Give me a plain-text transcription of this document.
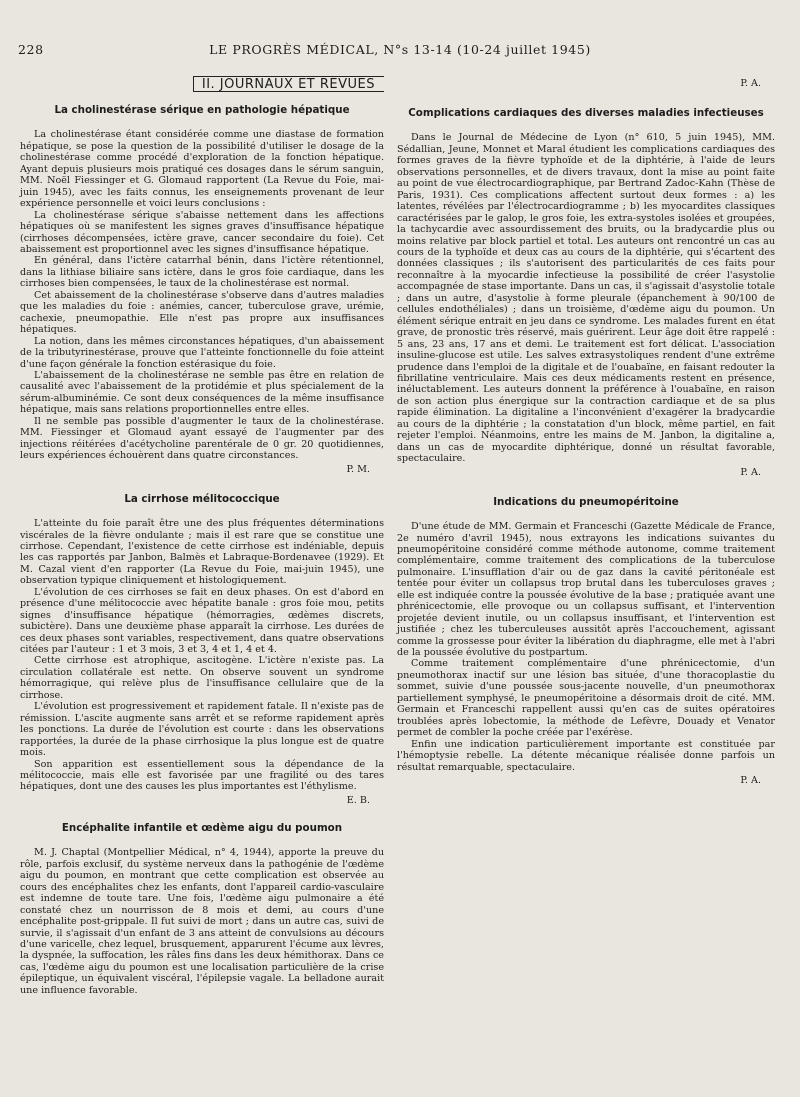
228	LE PROGRÈS MÉDICAL, N°s 13-14 (10-24 juillet 1945)
II. JOURNAUX ET REVUES
La cholinestérase sérique en pathologie hépatique

La cholinestérase étant considérée comme une diastase de formation hépatique, se pose la question de la possibilité d'utiliser le dosage de la cholinestérase comme procédé d'exploration de la fonction hépatique. Ayant depuis plusieurs mois pratiqué ces dosages dans le sérum sanguin, MM. Noël Fiessinger et G. Glomaud rapportent (La Revue du Foie, mai-juin 1945), avec les faits connus, les enseignements provenant de leur expérience personnelle et voici leurs conclusions :

La cholinestérase sérique s'abaisse nettement dans les affections hépatiques où se manifestent les signes graves d'insuffisance hépatique (cirrhoses décompensées, ictère grave, cancer secondaire du foie). Cet abaissement est proportionnel avec les signes d'insuffisance hépatique.

En général, dans l'ictère catarrhal bénin, dans l'ictère rétentionnel, dans la lithiase biliaire sans ictère, dans le gros foie cardiaque, dans les cirrhoses bien compensées, le taux de la cholinestérase est normal.

Cet abaissement de la cholinestérase s'observe dans d'autres maladies que les maladies du foie : anémies, cancer, tuberculose grave, urémie, cachexie, pneumopathie. Elle n'est pas propre aux insuffisances hépatiques.

La notion, dans les mêmes circonstances hépatiques, d'un abaissement de la tributyrinestérase, prouve que l'atteinte fonctionnelle du foie atteint d'une façon générale la fonction estérasique du foie.

L'abaissement de la cholinestérase ne semble pas être en relation de causalité avec l'abaissement de la protidémie et plus spécialement de la sérum-albuminémie. Ce sont deux conséquences de la même insuffisance hépatique, mais sans relations proportionnelles entre elles.

Il ne semble pas possible d'augmenter le taux de la cholinestérase. MM. Fiessinger et Glomaud ayant essayé de l'augmenter par des injections réitérées d'acétycholine parentérale de 0 gr. 20 quotidiennes, leurs expériences échouèrent dans quatre circonstances.

P. M.

La cirrhose mélitococcique

L'atteinte du foie paraît être une des plus fréquentes déterminations viscérales de la fièvre ondulante ; mais il est rare que se constitue une cirrhose. Cependant, l'existence de cette cirrhose est indéniable, depuis les cas rapportés par Janbon, Balmès et Labraque-Bordenavee (1929). Et M. Cazal vient d'en rapporter (La Revue du Foie, mai-juin 1945), une observation typique cliniquement et histologiquement.

L'évolution de ces cirrhoses se fait en deux phases. On est d'abord en présence d'une mélitococcie avec hépatite banale : gros foie mou, petits signes d'insuffisance hépatique (hémorragies, œdèmes discrets, subictère). Dans une deuxième phase apparaît la cirrhose. Les durées de ces deux phases sont variables, respectivement, dans quatre observations citées par l'auteur : 1 et 3 mois, 3 et 3, 4 et 1, 4 et 4.

Cette cirrhose est atrophique, ascitogène. L'ictère n'existe pas. La circulation collatérale est nette. On observe souvent un syndrome hémorragique, qui relève plus de l'insuffisance cellulaire que de la cirrhose.

L'évolution est progressivement et rapidement fatale. Il n'existe pas de rémission. L'ascite augmente sans arrêt et se reforme rapidement après les ponctions. La durée de l'évolution est courte : dans les observations rapportées, la durée de la phase cirrhosique la plus longue est de quatre mois.

Son apparition est essentiellement sous la dépendance de la mélitococcie, mais elle est favorisée par une fragilité ou des tares hépatiques, dont une des causes les plus importantes est l'éthylisme.

E. B.

Encéphalite infantile et œdème aigu du poumon

M. J. Chaptal (Montpellier Médical, n° 4, 1944), apporte la preuve du rôle, parfois exclusif, du système nerveux dans la pathogénie de l'œdème aigu du poumon, en montrant que cette complication est observée au cours des encéphalites chez les enfants, dont l'appareil cardio-vasculaire est indemne de toute tare. Une fois, l'œdème aigu pulmonaire a été constaté chez un nourrisson de 8 mois et demi, au cours d'une encéphalite post-grippale. Il fut suivi de mort ; dans un autre cas, suivi de survie, il s'agissait d'un enfant de 3 ans atteint de convulsions au décours d'une varicelle, chez lequel, brusquement, apparurent l'écume aux lèvres, la dyspnée, la suffocation, les râles fins dans les deux hémithorax. Dans ce cas, l'œdème aigu du poumon est une localisation particulière de la crise épileptique, un équivalent viscéral, l'épilepsie vagale. La belladone aurait une influence favorable.

P. A.

Complications cardiaques des diverses maladies infectieuses

Dans le Journal de Médecine de Lyon (n° 610, 5 juin 1945), MM. Sédallian, Jeune, Monnet et Maral étudient les complications cardiaques des formes graves de la fièvre typhoïde et de la diphtérie, à l'aide de leurs observations personnelles, et de divers travaux, dont la mise au point faite au point de vue électrocardiographique, par Bertrand Zadoc-Kahn (Thèse de Paris, 1931). Ces complications affectent surtout deux formes : a) les latentes, révélées par l'électrocardiogramme ; b) les myocardites classiques caractérisées par le galop, le gros foie, les extra-systoles isolées et groupées, la tachycardie avec assourdissement des bruits, ou la bradycardie plus ou moins relative par block partiel et total. Les auteurs ont rencontré un cas au cours de la typhoïde et deux cas au cours de la diphtérie, qui s'écartent des données classiques ; ils s'autorisent des particularités de ces faits pour reconnaître à la myocardie infectieuse la possibilité de créer l'asystolie accompagnée de stase importante. Dans un cas, il s'agissait d'asystolie totale ; dans un autre, d'asystolie à forme pleurale (épanchement à 90/100 de cellules endothéliales) ; dans un troisième, d'œdème aigu du poumon. Un élément sérique entrait en jeu dans ce syndrome. Les malades furent en état grave, de pronostic très réservé, mais guérirent. Leur âge doit être rappelé : 5 ans, 23 ans, 17 ans et demi. Le traitement est fort délicat. L'association insuline-glucose est utile. Les salves extrasystoliques rendent d'une extrême prudence dans l'emploi de la digitale et de l'ouabaïne, en faisant redouter la fibrillatine ventriculaire. Mais ces deux médicaments restent en présence, inéluctablement. Les auteurs donnent la préférence à l'ouabaïne, en raison de son action plus énergique sur la contraction cardiaque et de sa plus rapide élimination. La digitaline a l'inconvénient d'exagérer la bradycardie au cours de la diphtérie ; la constatation d'un block, même partiel, en fait rejeter l'emploi. Néanmoins, entre les mains de M. Janbon, la digitaline a, dans un cas de myocardite diphtérique, donné un résultat favorable, spectaculaire.

P. A.

Indications du pneumopéritoine

D'une étude de MM. Germain et Franceschi (Gazette Médicale de France, 2e numéro d'avril 1945), nous extrayons les indications suivantes du pneumopéritoine considéré comme méthode autonome, comme traitement complémentaire, comme traitement des complications de la tuberculose pulmonaire. L'insufflation d'air ou de gaz dans la cavité péritonéale est tentée pour éviter un collapsus trop brutal dans les tuberculoses graves ; elle est indiquée contre la poussée évolutive de la base ; pratiquée avant une phrénicectomie, elle provoque ou un collapsus suffisant, et l'intervention projetée devient inutile, ou un collapsus insuffisant, et l'intervention est justifiée ; chez les tuberculeuses aussitôt après l'accouchement, agissant comme la grossesse pour éviter la libération du diaphragme, elle met à l'abri de la poussée évolutive du postpartum.

Comme traitement complémentaire d'une phrénicectomie, d'un pneumothorax inactif sur une lésion bas située, d'une thoracoplastie du sommet, suivie d'une poussée sous-jacente nouvelle, d'un pneumothorax partiellement symphysé, le pneumopéritoine a désormais droit de cité. MM. Germain et Franceschi rappellent aussi qu'en cas de suites opératoires troublées après lobectomie, la méthode de Lefèvre, Douady et Venator permet de combler la poche créée par l'exérèse.

Enfin une indication particulièrement importante est constituée par l'hémoptysie rebelle. La détente mécanique réalisée donne parfois un résultat remarquable, spectaculaire.

P. A.
